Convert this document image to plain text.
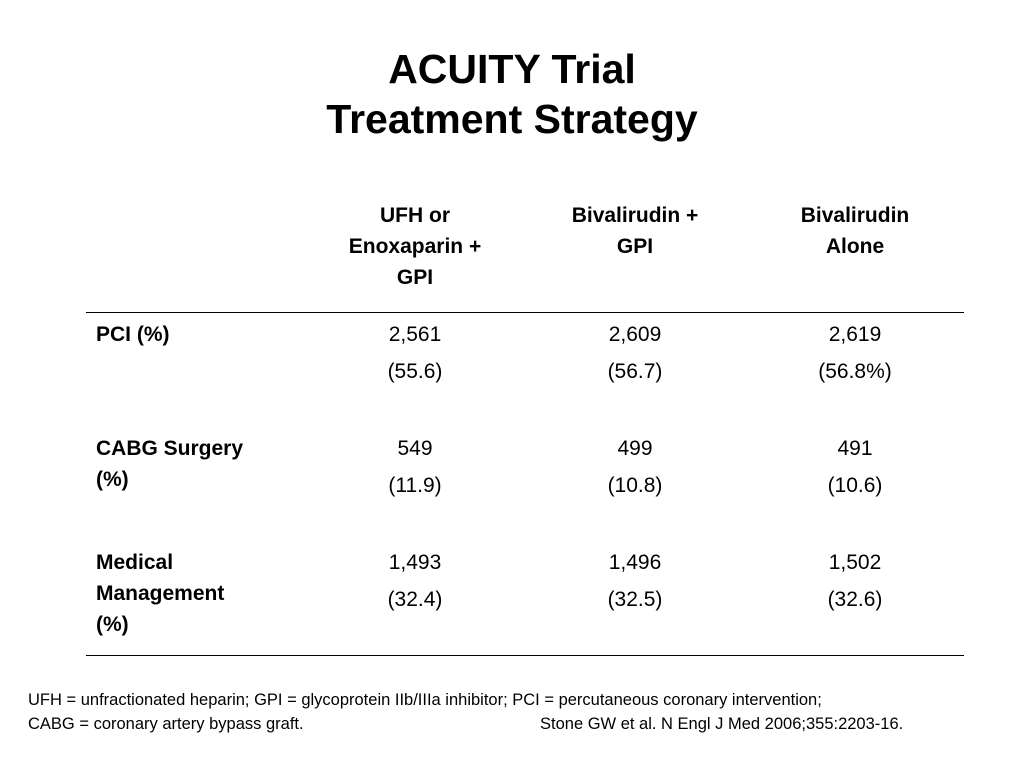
ACUITY Trial
Treatment Strategy
UFH or
Enoxaparin +
GPI
Bivalirudin +
GPI
Bivalirudin
Alone
PCI (%)	2,561
(55.6)
2,609
(56.7)
2,619
(56.8%)
CABG Surgery
(%)
549
(11.9)
499
(10.8)
491
(10.6)
Medical
Management
(%)
1,493
(32.4)
1,496
(32.5)
1,502
(32.6)
UFH = unfractionated heparin; GPI = glycoprotein IIb/IIIa inhibitor; PCI = percutaneous coronary intervention;
CABG = coronary artery bypass graft.	Stone GW et al. N Engl J Med 2006;355:2203-16.
